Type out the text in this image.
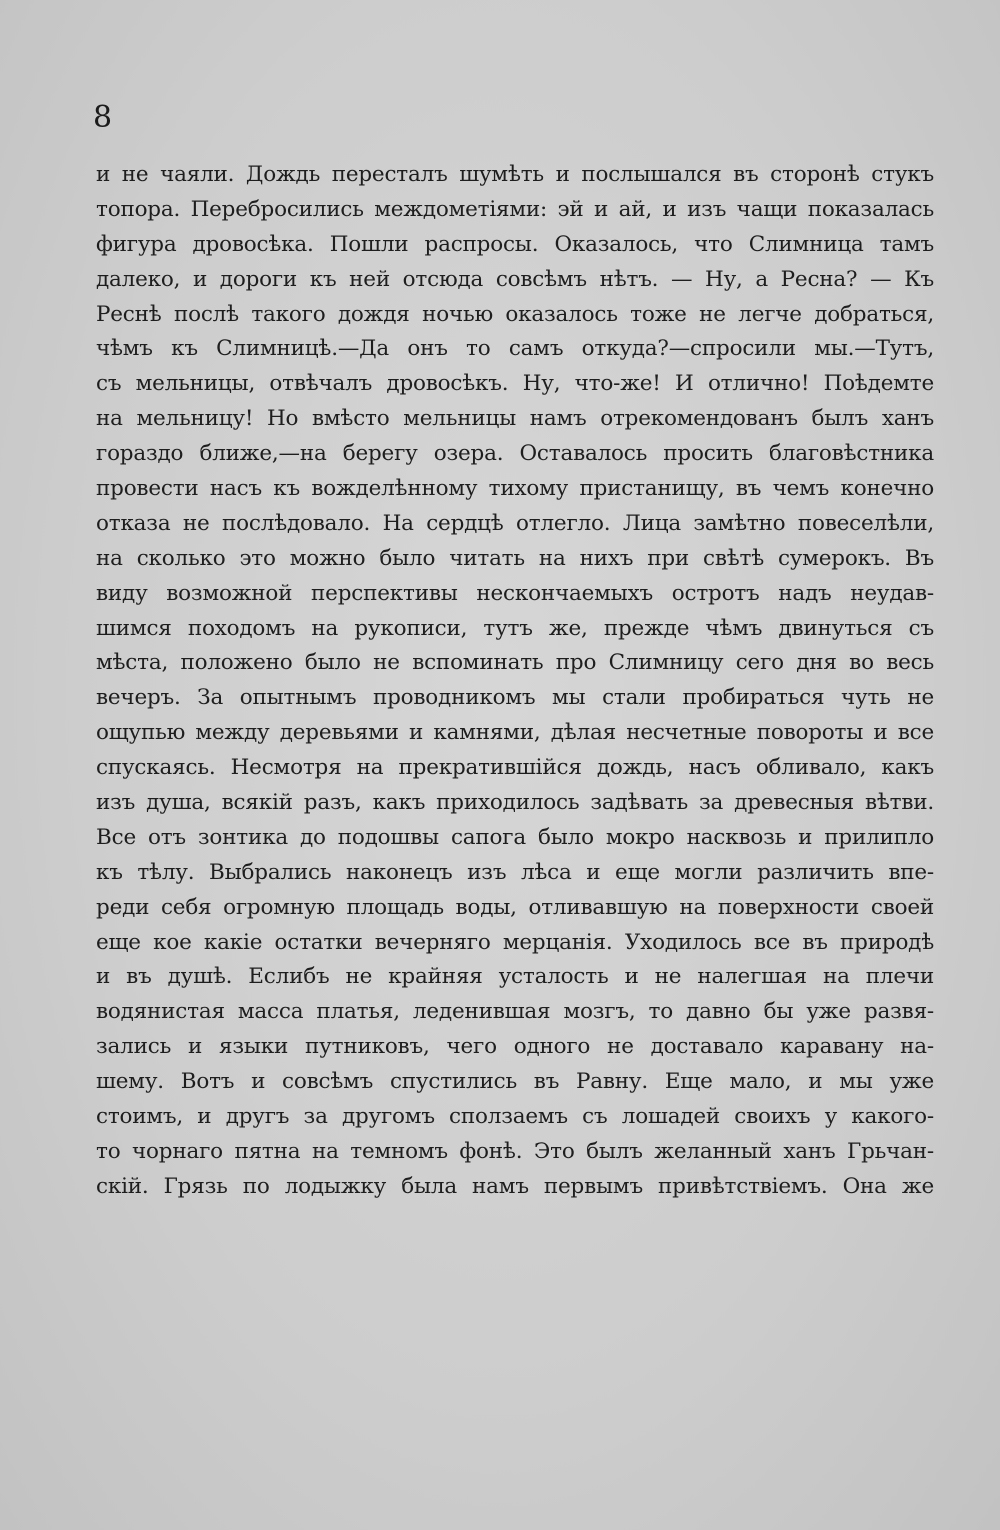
8
и не чаяли. Дождь пересталъ шумѣть и послышался въ сторонѣ стукъ
топора. Перебросились междометіями: эй и ай, и изъ чащи показалась
фигура дровосѣка. Пошли распросы. Оказалось, что Слимница тамъ
далеко, и дороги къ ней отсюда совсѣмъ нѣтъ. — Ну, а Ресна? — Къ
Реснѣ послѣ такого дождя ночью оказалось тоже не легче добраться,
чѣмъ къ Слимницѣ.—Да онъ то самъ откуда?—спросили мы.—Тутъ,
съ мельницы, отвѣчалъ дровосѣкъ. Ну, что-же! И отлично! Поѣдемте
на мельницу! Но вмѣсто мельницы намъ отрекомендованъ былъ ханъ
гораздо ближе,—на берегу озера. Оставалось просить благовѣстника
провести насъ къ вожделѣнному тихому пристанищу, въ чемъ конечно
отказа не послѣдовало. На сердцѣ отлегло. Лица замѣтно повеселѣли,
на сколько это можно было читать на нихъ при свѣтѣ сумерокъ. Въ
виду возможной перспективы нескончаемыхъ остротъ надъ неудав-
шимся походомъ на рукописи, тутъ же, прежде чѣмъ двинуться съ
мѣста, положено было не вспоминать про Слимницу сего дня во весь
вечеръ. За опытнымъ проводникомъ мы стали пробираться чуть не
ощупью между деревьями и камнями, дѣлая несчетные повороты и все
спускаясь. Несмотря на прекратившійся дождь, насъ обливало, какъ
изъ душа, всякій разъ, какъ приходилось задѣвать за древесныя вѣтви.
Все отъ зонтика до подошвы сапога было мокро насквозь и прилипло
къ тѣлу. Выбрались наконецъ изъ лѣса и еще могли различить впе-
реди себя огромную площадь воды, отливавшую на поверхности своей
еще кое какіе остатки вечерняго мерцанія. Уходилось все въ природѣ
и въ душѣ. Еслибъ не крайняя усталость и не налегшая на плечи
водянистая масса платья, леденившая мозгъ, то давно бы уже развя-
зались и языки путниковъ, чего одного не доставало каравану на-
шему. Вотъ и совсѣмъ спустились въ Равну. Еще мало, и мы уже
стоимъ, и другъ за другомъ сползаемъ съ лошадей своихъ у какого-
то чорнаго пятна на темномъ фонѣ. Это былъ желанный ханъ Грьчан-
скій. Грязь по лодыжку была намъ первымъ привѣтствіемъ. Она же
